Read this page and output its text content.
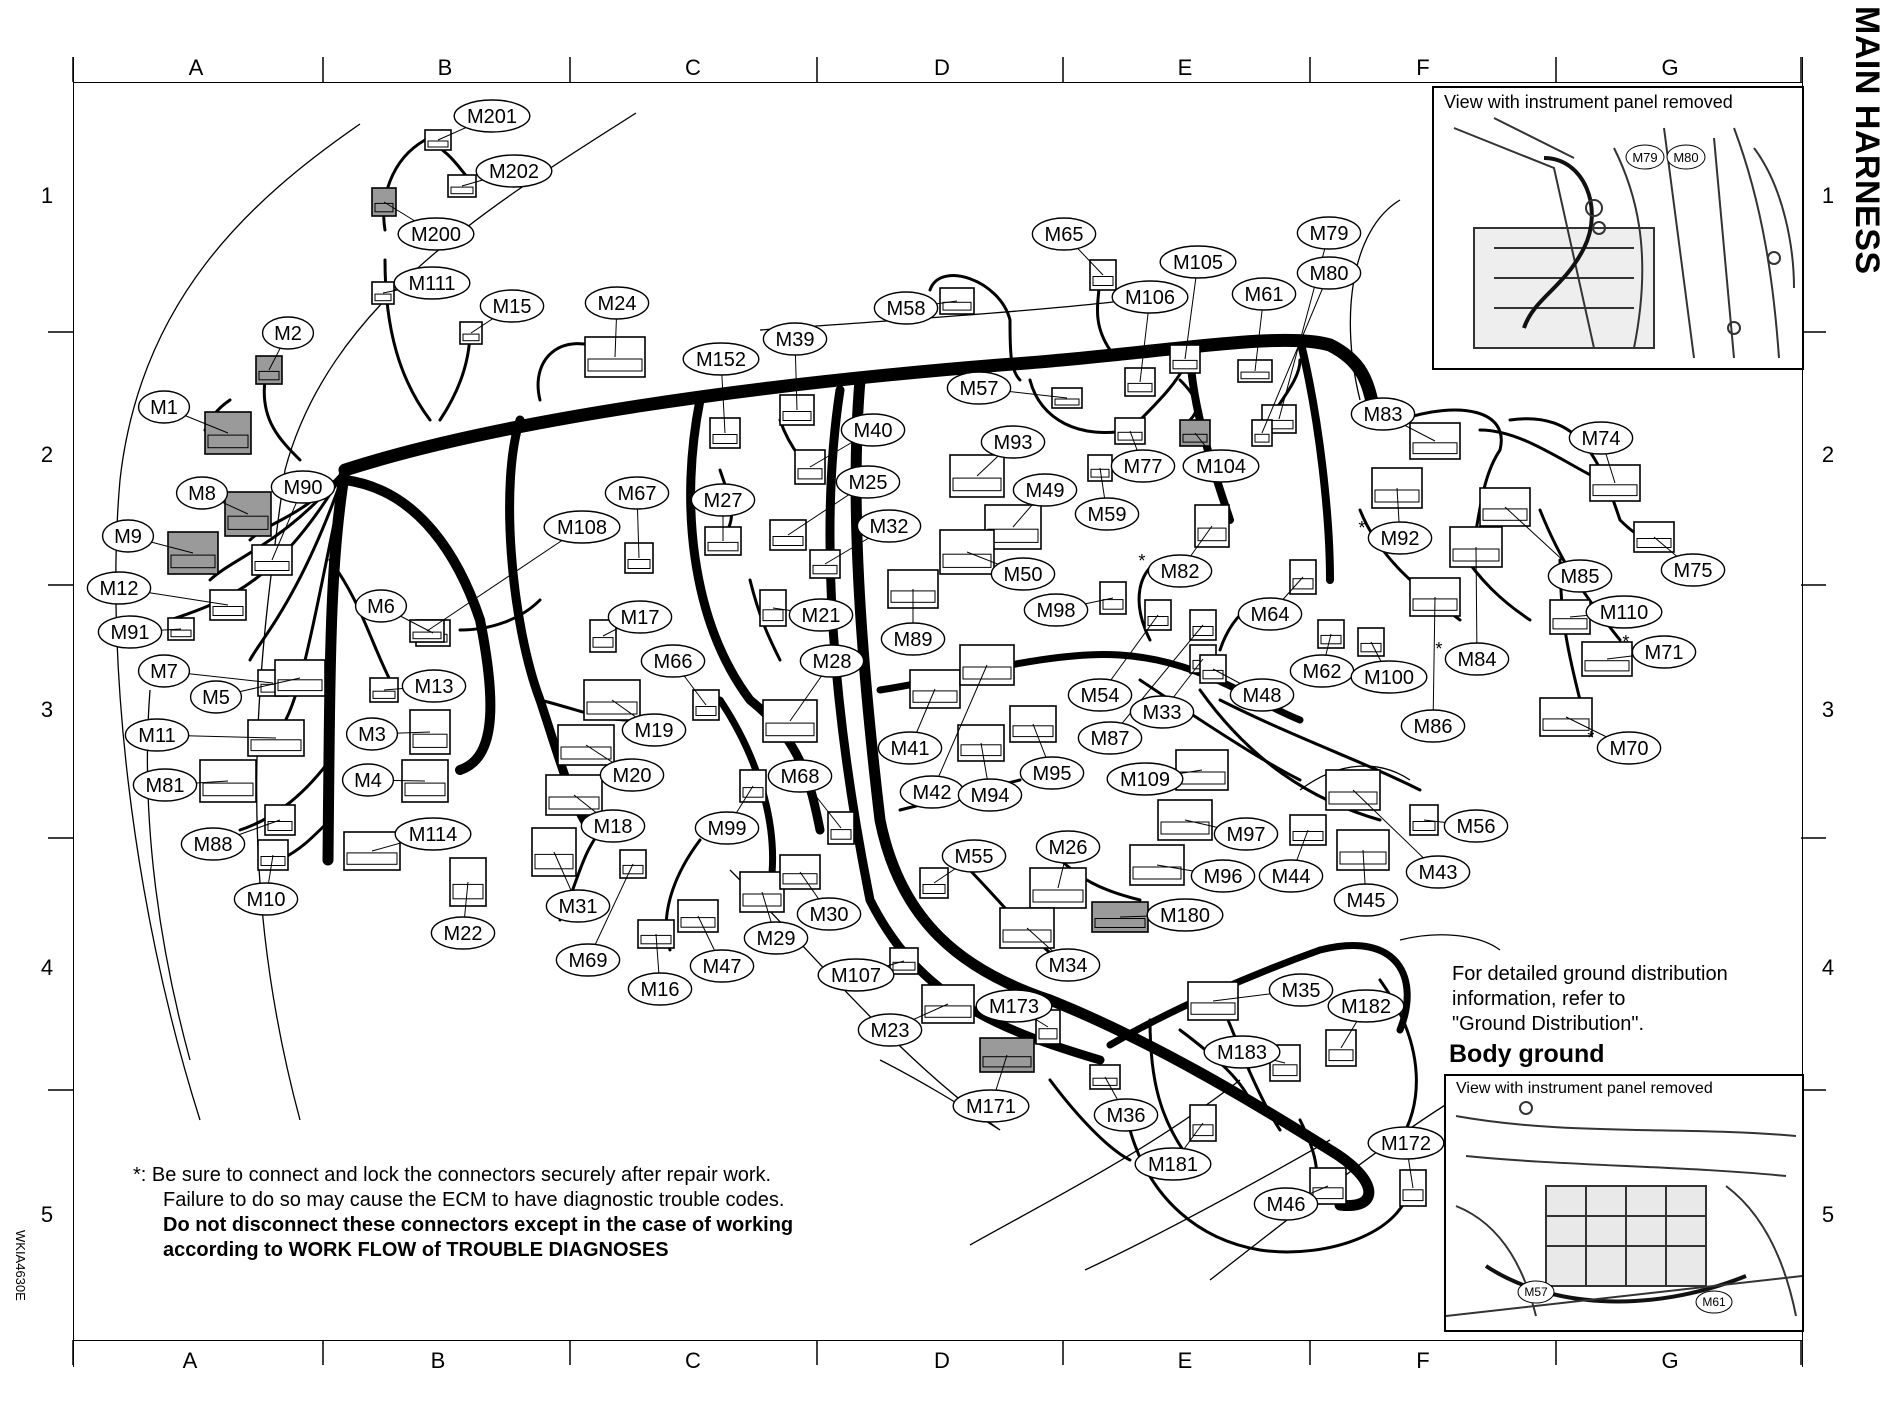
A	B	C	D	E	F	G
A	B	C	D	E	F	G
1
2
3
4
5
1
2
3
4
5
MAIN HARNESS
WKIA4630E
M201
M202
M200
M111
M15	M24
M2
M1
M8	M90
M9
M12
M91
M7
M5
M11
M81
M88
M10
M6
M13
M3
M4
M114
M22
M108
M67
M17
M66
M27
M21
M19
M20
M18
M31
M69
M16
M47
M99
M68
M29
M30
M152
M39
M40
M25
M32
M28
M89
M41
M42 M94
M95
M58
M65
M57
M93
M49
M50
M98
M59
M54
M87
M33
M48
M106
M105
M61
M79
M80
M77 M104
M82
*
M64
M62 M100
M83
M92
*
M74
M75
M85
M110
M71
*
M84
*
M86
M70
*
M109
M97
M96 M44
M45
M43
M56
M55	M26
M180
M34
M107
M23
M173
M171	M36
M35
M182
M183
M172
M181
M46
View with instrument panel removed
M79 M80
For detailed ground distribution
information, refer to
"Ground Distribution".
Body ground
View with instrument panel removed
M57
M61
*: Be sure to connect and lock the connectors securely after repair work.
Failure to do so may cause the ECM to have diagnostic trouble codes.
Do not disconnect these connectors except in the case of working
according to WORK FLOW of TROUBLE DIAGNOSES
